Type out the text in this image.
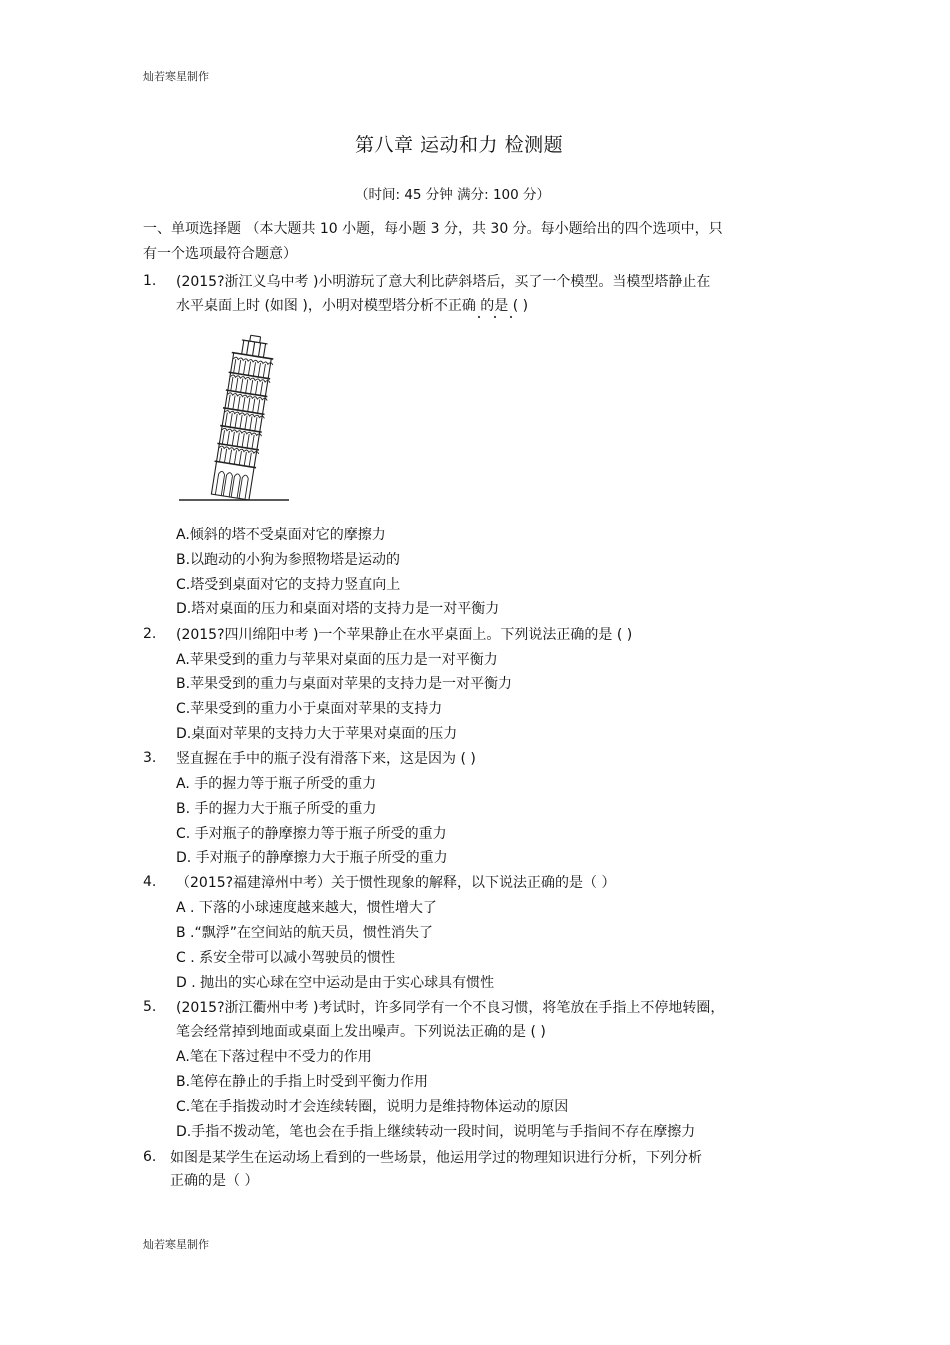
灿若寒星制作
灿若寒星制作
第八章 运动和力 检测题
（时间: 45 分钟 满分: 100 分）
一、单项选择题 （本大题共 10 小题，每小题 3 分，共 30 分。每小题给出的四个选项中，只
有一个选项最符合题意）
1. (2015?浙江义乌中考 )小明游玩了意大利比萨斜塔后，买了一个模型。当模型塔静止在
水平桌面上时 (如图 )，小明对模型塔分析不正确 的是 ( )
A.倾斜的塔不受桌面对它的摩擦力
B.以跑动的小狗为参照物塔是运动的
C.塔受到桌面对它的支持力竖直向上
D.塔对桌面的压力和桌面对塔的支持力是一对平衡力
2. (2015?四川绵阳中考 )一个苹果静止在水平桌面上。下列说法正确的是 ( )
A.苹果受到的重力与苹果对桌面的压力是一对平衡力
B.苹果受到的重力与桌面对苹果的支持力是一对平衡力
C.苹果受到的重力小于桌面对苹果的支持力
D.桌面对苹果的支持力大于苹果对桌面的压力
3. 竖直握在手中的瓶子没有滑落下来，这是因为 ( )
A. 手的握力等于瓶子所受的重力
B. 手的握力大于瓶子所受的重力
C. 手对瓶子的静摩擦力等于瓶子所受的重力
D. 手对瓶子的静摩擦力大于瓶子所受的重力
4. （2015?福建漳州中考）关于惯性现象的解释，以下说法正确的是（ ）
A . 下落的小球速度越来越大，惯性增大了
B .“飘浮”在空间站的航天员，惯性消失了
C . 系安全带可以减小驾驶员的惯性
D . 抛出的实心球在空中运动是由于实心球具有惯性
5. (2015?浙江衢州中考 )考试时，许多同学有一个不良习惯，将笔放在手指上不停地转圈，
笔会经常掉到地面或桌面上发出噪声。下列说法正确的是 ( )
A.笔在下落过程中不受力的作用
B.笔停在静止的手指上时受到平衡力作用
C.笔在手指拨动时才会连续转圈，说明力是维持物体运动的原因
D.手指不拨动笔，笔也会在手指上继续转动一段时间，说明笔与手指间不存在摩擦力
6. 如图是某学生在运动场上看到的一些场景，他运用学过的物理知识进行分析，下列分析
正确的是（ ）
